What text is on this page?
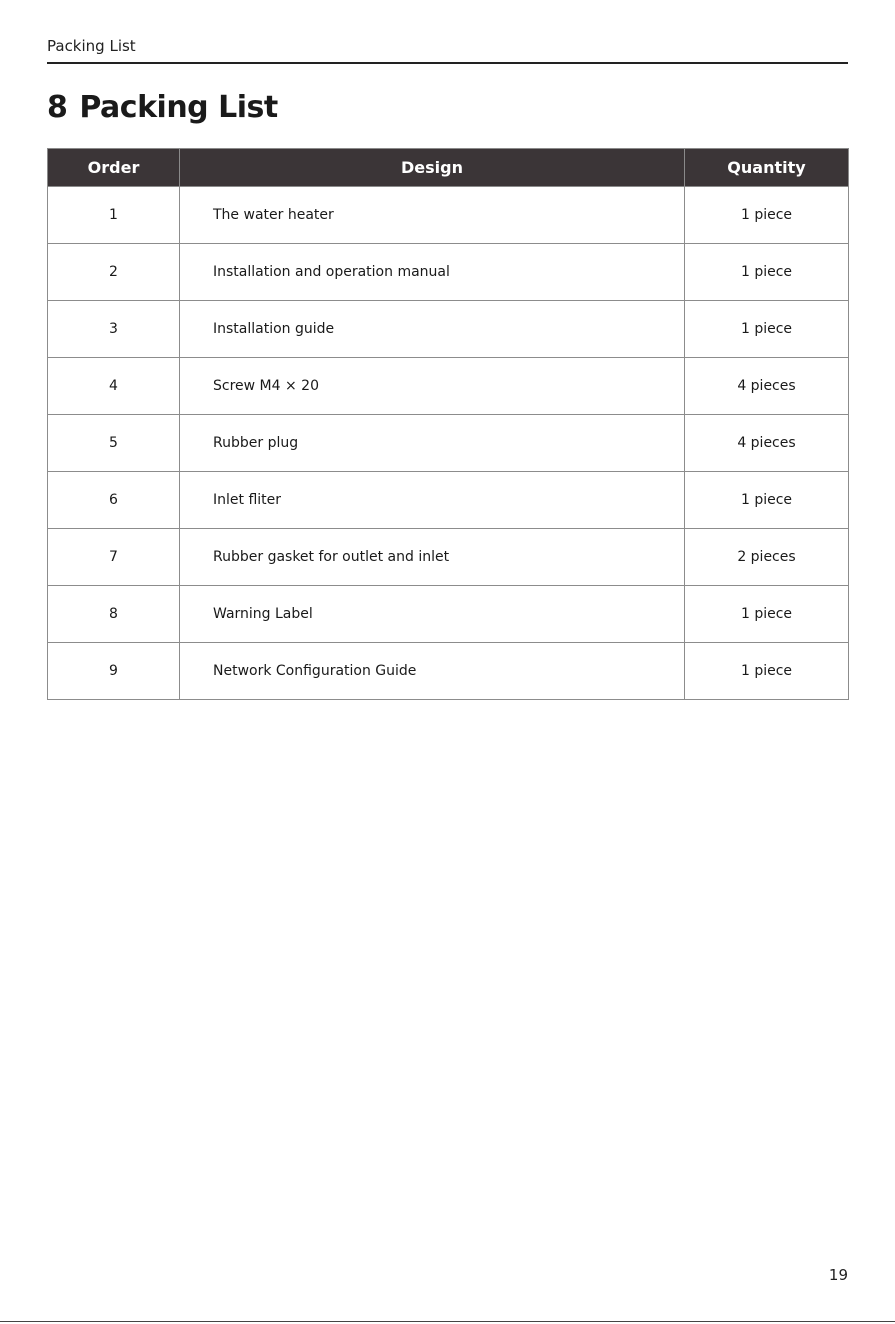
Packing List
8 Packing List
Order	Design	Quantity
1	The water heater	1 piece
2	Installation and operation manual	1 piece
3	Installation guide	1 piece
4	Screw M4 × 20	4 pieces
5	Rubber plug	4 pieces
6	Inlet fliter	1 piece
7	Rubber gasket for outlet and inlet	2 pieces
8	Warning Label	1 piece
9	Network Configuration Guide	1 piece
19
